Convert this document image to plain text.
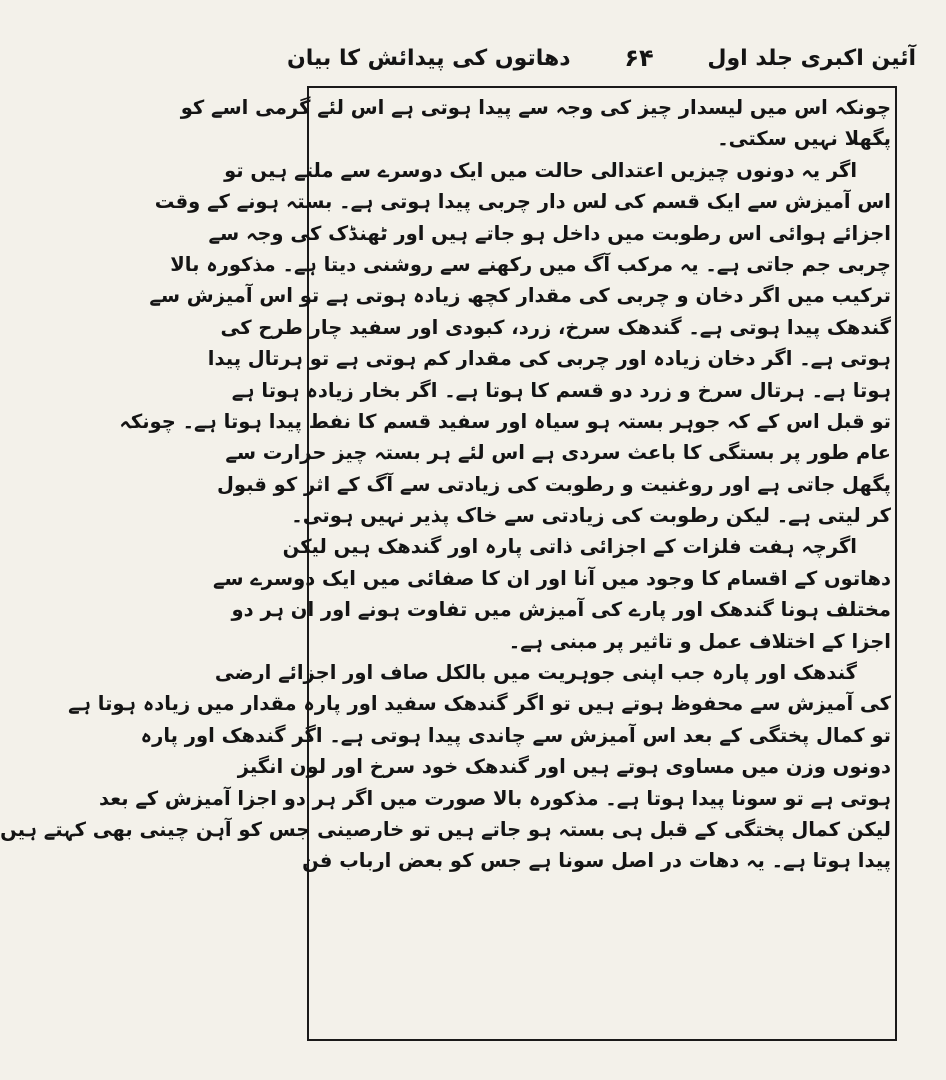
آئین اکبری جلد اول
۶۴
دھاتوں کی پیدائش کا بیان
چونکہ اس میں لیسدار چیز کی وجہ سے پیدا ہوتی ہے اس لئے گرمی اسے کو
پگھلا نہیں سکتی۔
اگر یہ دونوں چیزیں اعتدالی حالت میں ایک دوسرے سے ملتے ہیں تو
اس آمیزش سے ایک قسم کی لس دار چربی پیدا ہوتی ہے۔ بستہ ہونے کے وقت
اجزائے ہوائی اس رطوبت میں داخل ہو جاتے ہیں اور ٹھنڈک کی وجہ سے
چربی جم جاتی ہے۔ یہ مرکب آگ میں رکھنے سے روشنی دیتا ہے۔ مذکورہ بالا
ترکیب میں اگر دخان و چربی کی مقدار کچھ زیادہ ہوتی ہے تو اس آمیزش سے
گندھک پیدا ہوتی ہے۔ گندھک سرخ، زرد، کبودی اور سفید چار طرح کی
ہوتی ہے۔ اگر دخان زیادہ اور چربی کی مقدار کم ہوتی ہے تو ہرتال پیدا
ہوتا ہے۔ ہرتال سرخ و زرد دو قسم کا ہوتا ہے۔ اگر بخار زیادہ ہوتا ہے
تو قبل اس کے کہ جوہر بستہ ہو سیاہ اور سفید قسم کا نفط پیدا ہوتا ہے۔ چونکہ
عام طور پر بستگی کا باعث سردی ہے اس لئے ہر بستہ چیز حرارت سے
پگھل جاتی ہے اور روغنیت و رطوبت کی زیادتی سے آگ کے اثر کو قبول
کر لیتی ہے۔ لیکن رطوبت کی زیادتی سے خاک پذیر نہیں ہوتی۔
اگرچہ ہفت فلزات کے اجزائی ذاتی پارہ اور گندھک ہیں لیکن
دھاتوں کے اقسام کا وجود میں آنا اور ان کا صفائی میں ایک دوسرے سے
مختلف ہونا گندھک اور پارے کی آمیزش میں تفاوت ہونے اور ان ہر دو
اجزا کے اختلاف عمل و تاثیر پر مبنی ہے۔
گندھک اور پارہ جب اپنی جوہریت میں بالکل صاف اور اجزائے ارضی
کی آمیزش سے محفوظ ہوتے ہیں تو اگر گندھک سفید اور پارہ مقدار میں زیادہ ہوتا ہے
تو کمال پختگی کے بعد اس آمیزش سے چاندی پیدا ہوتی ہے۔ اگر گندھک اور پارہ
دونوں وزن میں مساوی ہوتے ہیں اور گندھک خود سرخ اور لون انگیز
ہوتی ہے تو سونا پیدا ہوتا ہے۔ مذکورہ بالا صورت میں اگر ہر دو اجزا آمیزش کے بعد
لیکن کمال پختگی کے قبل ہی بستہ ہو جاتے ہیں تو خارصینی جس کو آہن چینی بھی کہتے ہیں
پیدا ہوتا ہے۔ یہ دھات در اصل سونا ہے جس کو بعض ارباب فن
